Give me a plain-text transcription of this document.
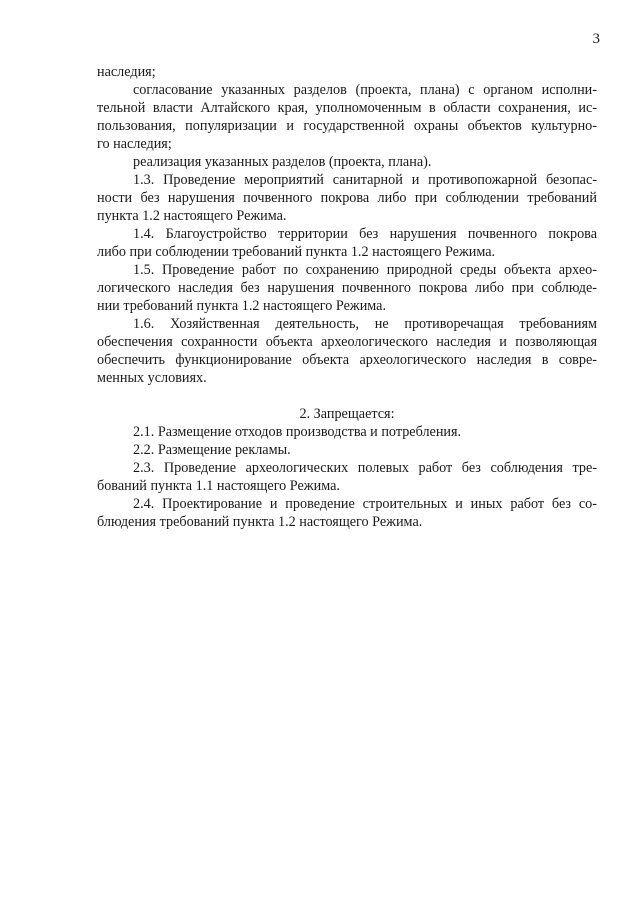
3
наследия;
согласование указанных разделов (проекта, плана) с органом исполни-
тельной власти Алтайского края, уполномоченным в области сохранения, ис-
пользования, популяризации и государственной охраны объектов культурно-
го наследия;
реализация указанных разделов (проекта, плана).
1.3. Проведение мероприятий санитарной и противопожарной безопас-
ности без нарушения почвенного покрова либо при соблюдении требований
пункта 1.2 настоящего Режима.
1.4. Благоустройство территории без нарушения почвенного покрова
либо при соблюдении требований пункта 1.2 настоящего Режима.
1.5. Проведение работ по сохранению природной среды объекта архео-
логического наследия без нарушения почвенного покрова либо при соблюде-
нии требований пункта 1.2 настоящего Режима.
1.6. Хозяйственная деятельность, не противоречащая требованиям
обеспечения сохранности объекта археологического наследия и позволяющая
обеспечить функционирование объекта археологического наследия в совре-
менных условиях.
2. Запрещается:
2.1. Размещение отходов производства и потребления.
2.2. Размещение рекламы.
2.3. Проведение археологических полевых работ без соблюдения тре-
бований пункта 1.1 настоящего Режима.
2.4. Проектирование и проведение строительных и иных работ без со-
блюдения требований пункта 1.2 настоящего Режима.
